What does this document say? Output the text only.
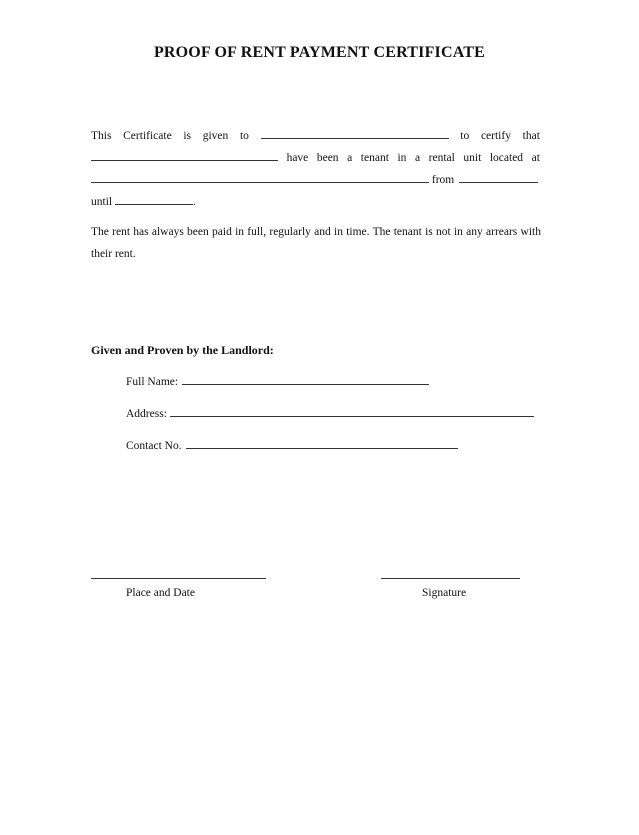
PROOF OF RENT PAYMENT CERTIFICATE
This Certificate is given to	to certify that
have been a tenant in a rental unit located at
from
until	.
The rent has always been paid in full, regularly and in time. The tenant is not in any arrears with their rent.
Given and Proven by the Landlord:
Full Name:
Address:
Contact No.
Place and Date	Signature
